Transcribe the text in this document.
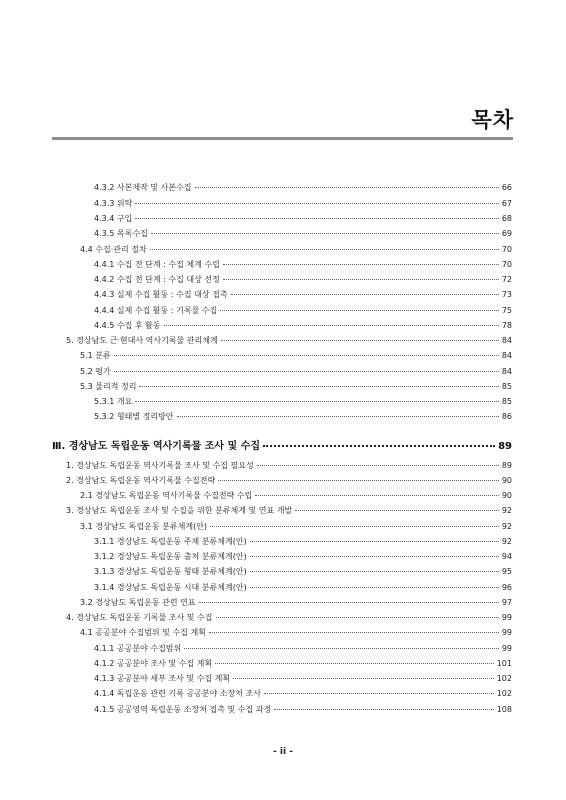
목차
4.3.2 사본제작 및 사본수집	66
4.3.3 위탁	67
4.3.4 구입	68
4.3.5 목록수집	69
4.4 수집·관리 절차	70
4.4.1 수집 전 단계 : 수집 체계 수립	70
4.4.2 수집 전 단계 : 수집 대상 선정	72
4.4.3 실제 수집 활동 : 수집 대상 접촉	73
4.4.4 실제 수집 활동 : 기록물 수집	75
4.4.5 수집 후 활동	78
5. 경상남도 근·현대사 역사기록물 관리체계	84
5.1 분류	84
5.2 평가	84
5.3 물리적 정리	85
5.3.1 개요	85
5.3.2 형태별 정리방안	86
Ⅲ. 경상남도 독립운동 역사기록물 조사 및 수집	89
1. 경상남도 독립운동 역사기록물 조사 및 수집 필요성	89
2. 경상남도 독립운동 역사기록물 수집전략	90
2.1 경상남도 독립운동 역사기록물 수집전략 수립	90
3. 경상남도 독립운동 조사 및 수집을 위한 분류체계 및 연표 개발	92
3.1 경상남도 독립운동 분류체계(안)	92
3.1.1 경상남도 독립운동 주체 분류체계(안)	92
3.1.2 경상남도 독립운동 출처 분류체계(안)	94
3.1.3 경상남도 독립운동 형태 분류체계(안)	95
3.1.4 경상남도 독립운동 시대 분류체계(안)	96
3.2 경상남도 독립운동 관련 연표	97
4. 경상남도 독립운동 기록물 조사 및 수집	99
4.1 공공분야 수집범위 및 수집 계획	99
4.1.1 공공분야 수집범위	99
4.1.2 공공분야 조사 및 수집 계획	101
4.1.3 공공분야 세부 조사 및 수집 계획	102
4.1.4 독립운동 관련 기록 공공분야 소장처 조사	102
4.1.5 공공영역 독립운동 소장처 접촉 및 수집 과정	108
- ii -
